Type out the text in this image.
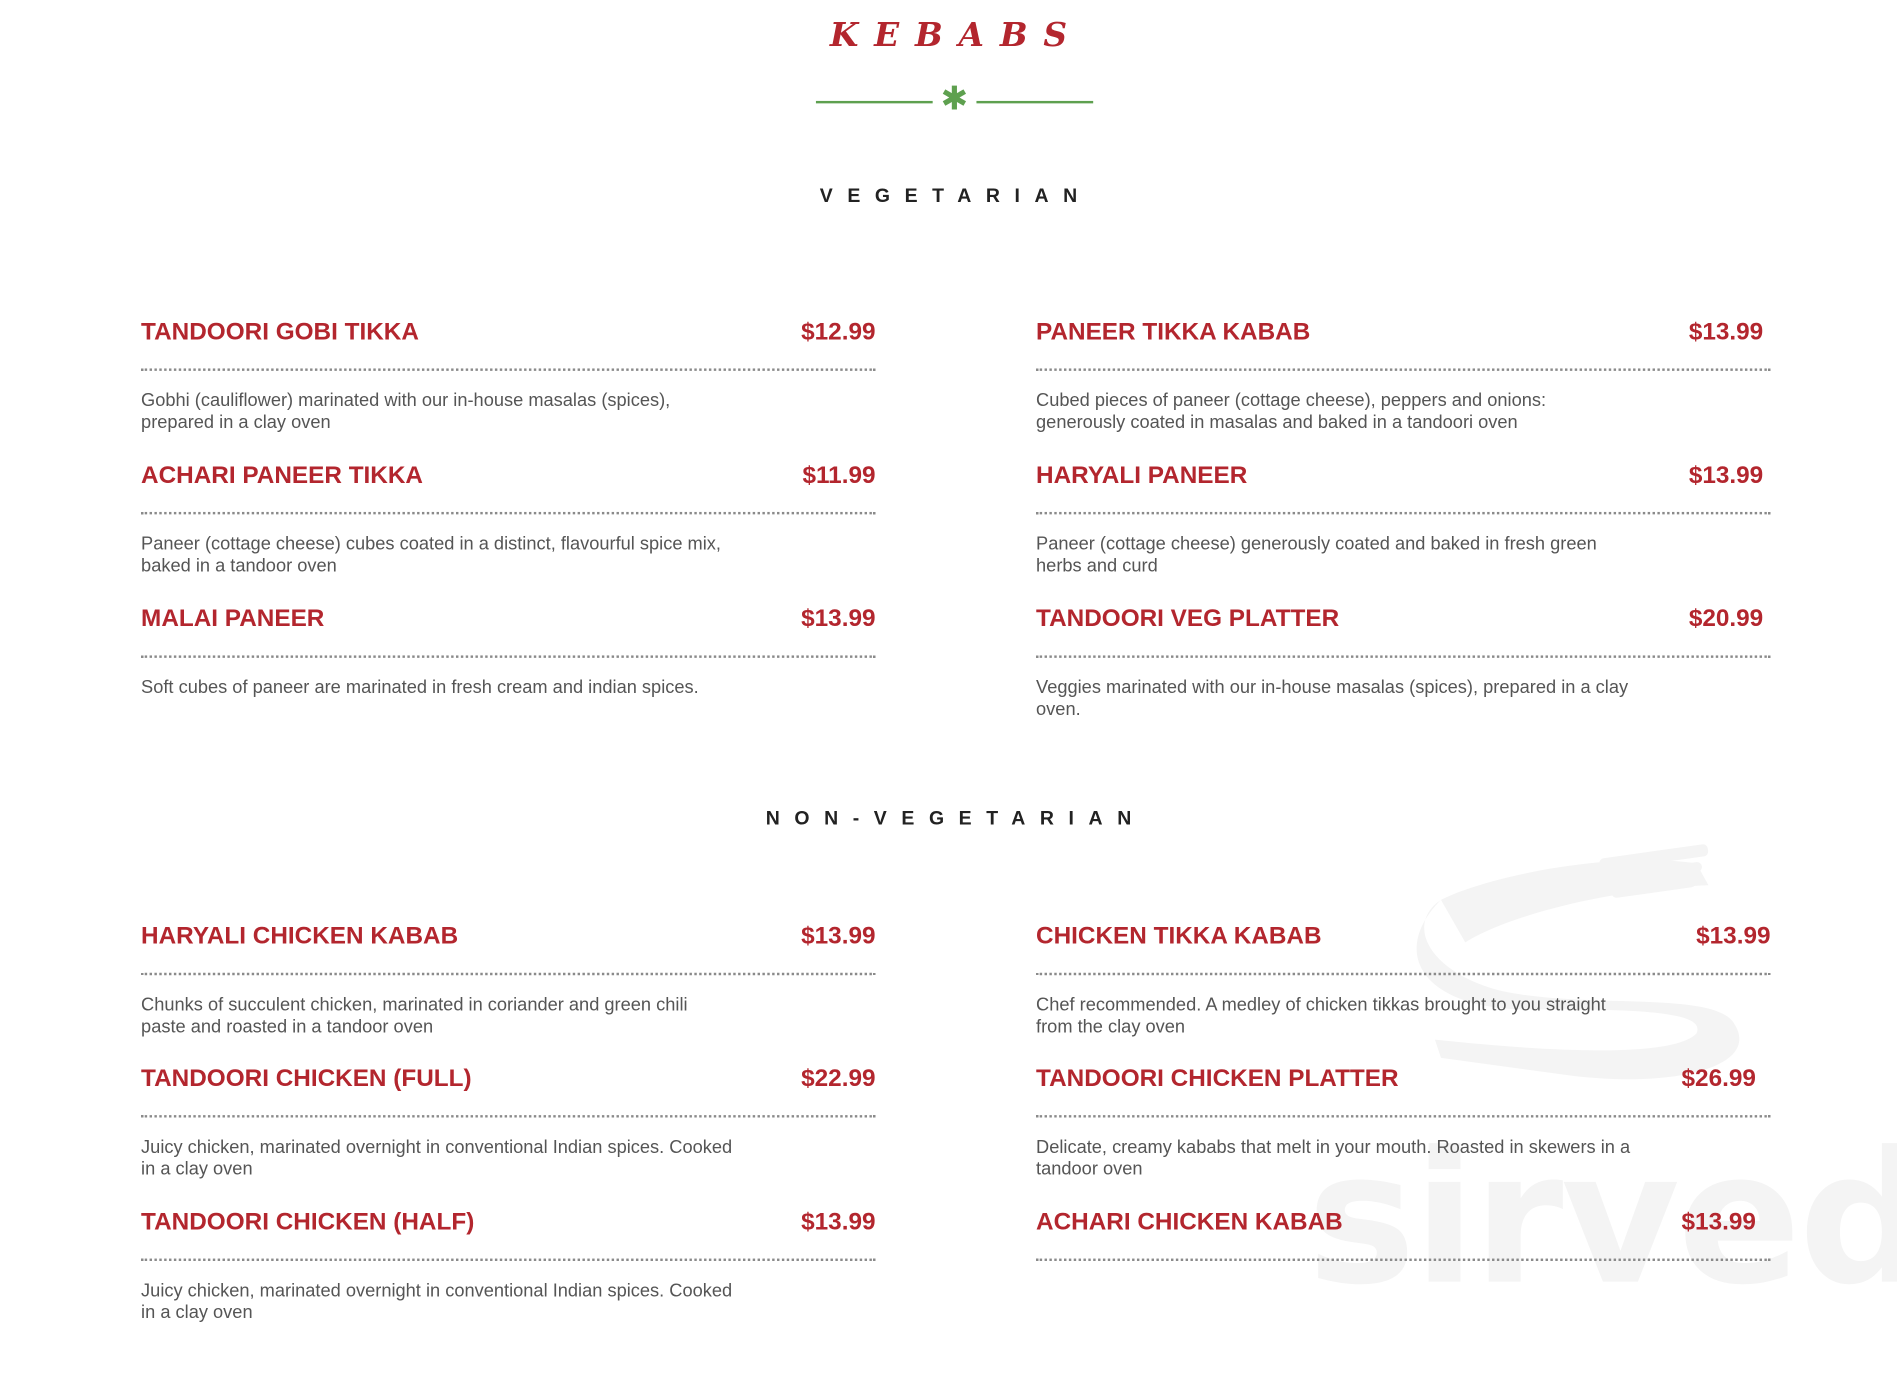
KEBABS
✱
VEGETARIAN
TANDOORI GOBI TIKKA	$12.99
Gobhi (cauliflower) marinated with our in-house masalas (spices), prepared in a clay oven
PANEER TIKKA KABAB	$13.99
Cubed pieces of paneer (cottage cheese), peppers and onions: generously coated in masalas and baked in a tandoori oven
ACHARI PANEER TIKKA	$11.99
Paneer (cottage cheese) cubes coated in a distinct, flavourful spice mix, baked in a tandoor oven
HARYALI PANEER	$13.99
Paneer (cottage cheese) generously coated and baked in fresh green herbs and curd
MALAI PANEER	$13.99
Soft cubes of paneer are marinated in fresh cream and indian spices.
TANDOORI VEG PLATTER	$20.99
Veggies marinated with our in-house masalas (spices), prepared in a clay oven.
NON-VEGETARIAN
HARYALI CHICKEN KABAB	$13.99
Chunks of succulent chicken, marinated in coriander and green chili paste and roasted in a tandoor oven
CHICKEN TIKKA KABAB	$13.99
Chef recommended. A medley of chicken tikkas brought to you straight from the clay oven
TANDOORI CHICKEN (FULL)	$22.99
Juicy chicken, marinated overnight in conventional Indian spices. Cooked in a clay oven
TANDOORI CHICKEN PLATTER	$26.99
Delicate, creamy kababs that melt in your mouth. Roasted in skewers in a tandoor oven
TANDOORI CHICKEN (HALF)	$13.99
Juicy chicken, marinated overnight in conventional Indian spices. Cooked in a clay oven
ACHARI CHICKEN KABAB	$13.99
